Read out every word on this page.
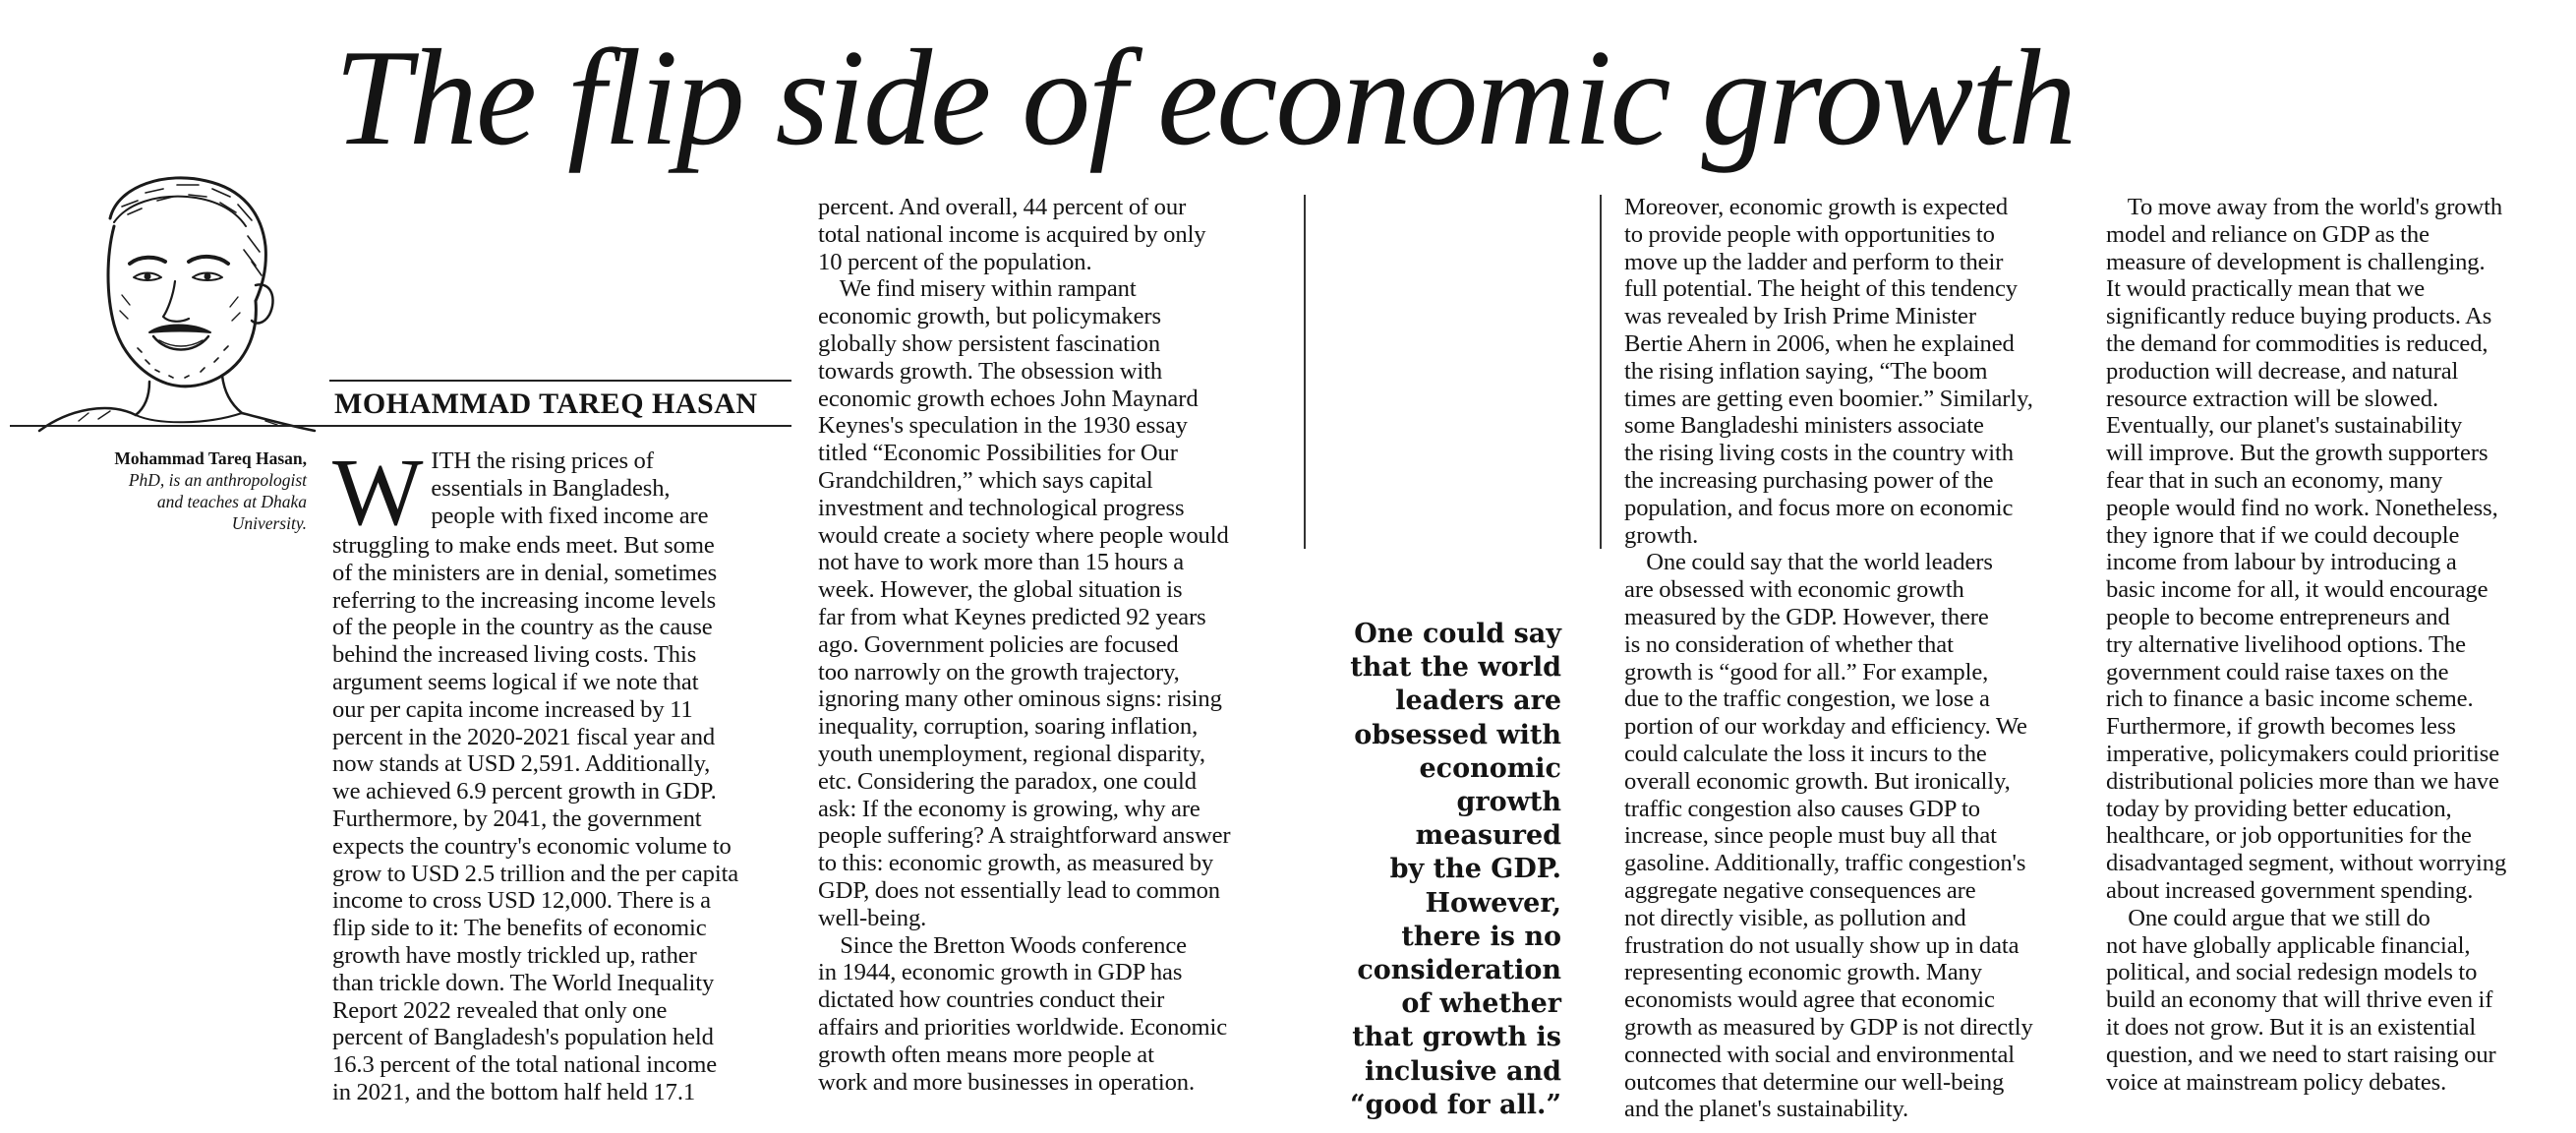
The flip side of economic growth
MOHAMMAD TAREQ HASAN
Mohammad Tareq Hasan,
PhD, is an anthropologist
and teaches at Dhaka
University. W ITH the rising prices of

essentials in Bangladesh,

people with fixed income are

struggling to make ends meet. But some

of the ministers are in denial, sometimes

referring to the increasing income levels

of the people in the country as the cause

behind the increased living costs. This

argument seems logical if we note that

our per capita income increased by 11

percent in the 2020-2021 fiscal year and

now stands at USD 2,591. Additionally,

we achieved 6.9 percent growth in GDP.

Furthermore, by 2041, the government

expects the country's economic volume to

grow to USD 2.5 trillion and the per capita

income to cross USD 12,000. There is a

flip side to it: The benefits of economic

growth have mostly trickled up, rather

than trickle down. The World Inequality

Report 2022 revealed that only one

percent of Bangladesh's population held

16.3 percent of the total national income

in 2021, and the bottom half held 17.1

percent. And overall, 44 percent of our

total national income is acquired by only

10 percent of the population.

We find misery within rampant

economic growth, but policymakers

globally show persistent fascination

towards growth. The obsession with

economic growth echoes John Maynard

Keynes's speculation in the 1930 essay

titled “Economic Possibilities for Our

Grandchildren,” which says capital

investment and technological progress

would create a society where people would

not have to work more than 15 hours a

week. However, the global situation is

far from what Keynes predicted 92 years

ago. Government policies are focused

too narrowly on the growth trajectory,

ignoring many other ominous signs: rising

inequality, corruption, soaring inflation,

youth unemployment, regional disparity,

etc. Considering the paradox, one could

ask: If the economy is growing, why are

people suffering? A straightforward answer

to this: economic growth, as measured by

GDP, does not essentially lead to common

well-being.

Since the Bretton Woods conference

in 1944, economic growth in GDP has

dictated how countries conduct their

affairs and priorities worldwide. Economic

growth often means more people at

work and more businesses in operation.

One could say

that the world

leaders are

obsessed with

economic

growth

measured

by the GDP.

However,

there is no

consideration

of whether

that growth is

inclusive and

“good for all.”

Moreover, economic growth is expected

to provide people with opportunities to

move up the ladder and perform to their

full potential. The height of this tendency

was revealed by Irish Prime Minister

Bertie Ahern in 2006, when he explained

the rising inflation saying, “The boom

times are getting even boomier.” Similarly,

some Bangladeshi ministers associate

the rising living costs in the country with

the increasing purchasing power of the

population, and focus more on economic

growth.

One could say that the world leaders

are obsessed with economic growth

measured by the GDP. However, there

is no consideration of whether that

growth is “good for all.” For example,

due to the traffic congestion, we lose a

portion of our workday and efficiency. We

could calculate the loss it incurs to the

overall economic growth. But ironically,

traffic congestion also causes GDP to

increase, since people must buy all that

gasoline. Additionally, traffic congestion's

aggregate negative consequences are

not directly visible, as pollution and

frustration do not usually show up in data

representing economic growth. Many

economists would agree that economic

growth as measured by GDP is not directly

connected with social and environmental

outcomes that determine our well-being

and the planet's sustainability.

To move away from the world's growth

model and reliance on GDP as the

measure of development is challenging.

It would practically mean that we

significantly reduce buying products. As

the demand for commodities is reduced,

production will decrease, and natural

resource extraction will be slowed.

Eventually, our planet's sustainability

will improve. But the growth supporters

fear that in such an economy, many

people would find no work. Nonetheless,

they ignore that if we could decouple

income from labour by introducing a

basic income for all, it would encourage

people to become entrepreneurs and

try alternative livelihood options. The

government could raise taxes on the

rich to finance a basic income scheme.

Furthermore, if growth becomes less

imperative, policymakers could prioritise

distributional policies more than we have

today by providing better education,

healthcare, or job opportunities for the

disadvantaged segment, without worrying

about increased government spending.

One could argue that we still do

not have globally applicable financial,

political, and social redesign models to

build an economy that will thrive even if

it does not grow. But it is an existential

question, and we need to start raising our

voice at mainstream policy debates.
